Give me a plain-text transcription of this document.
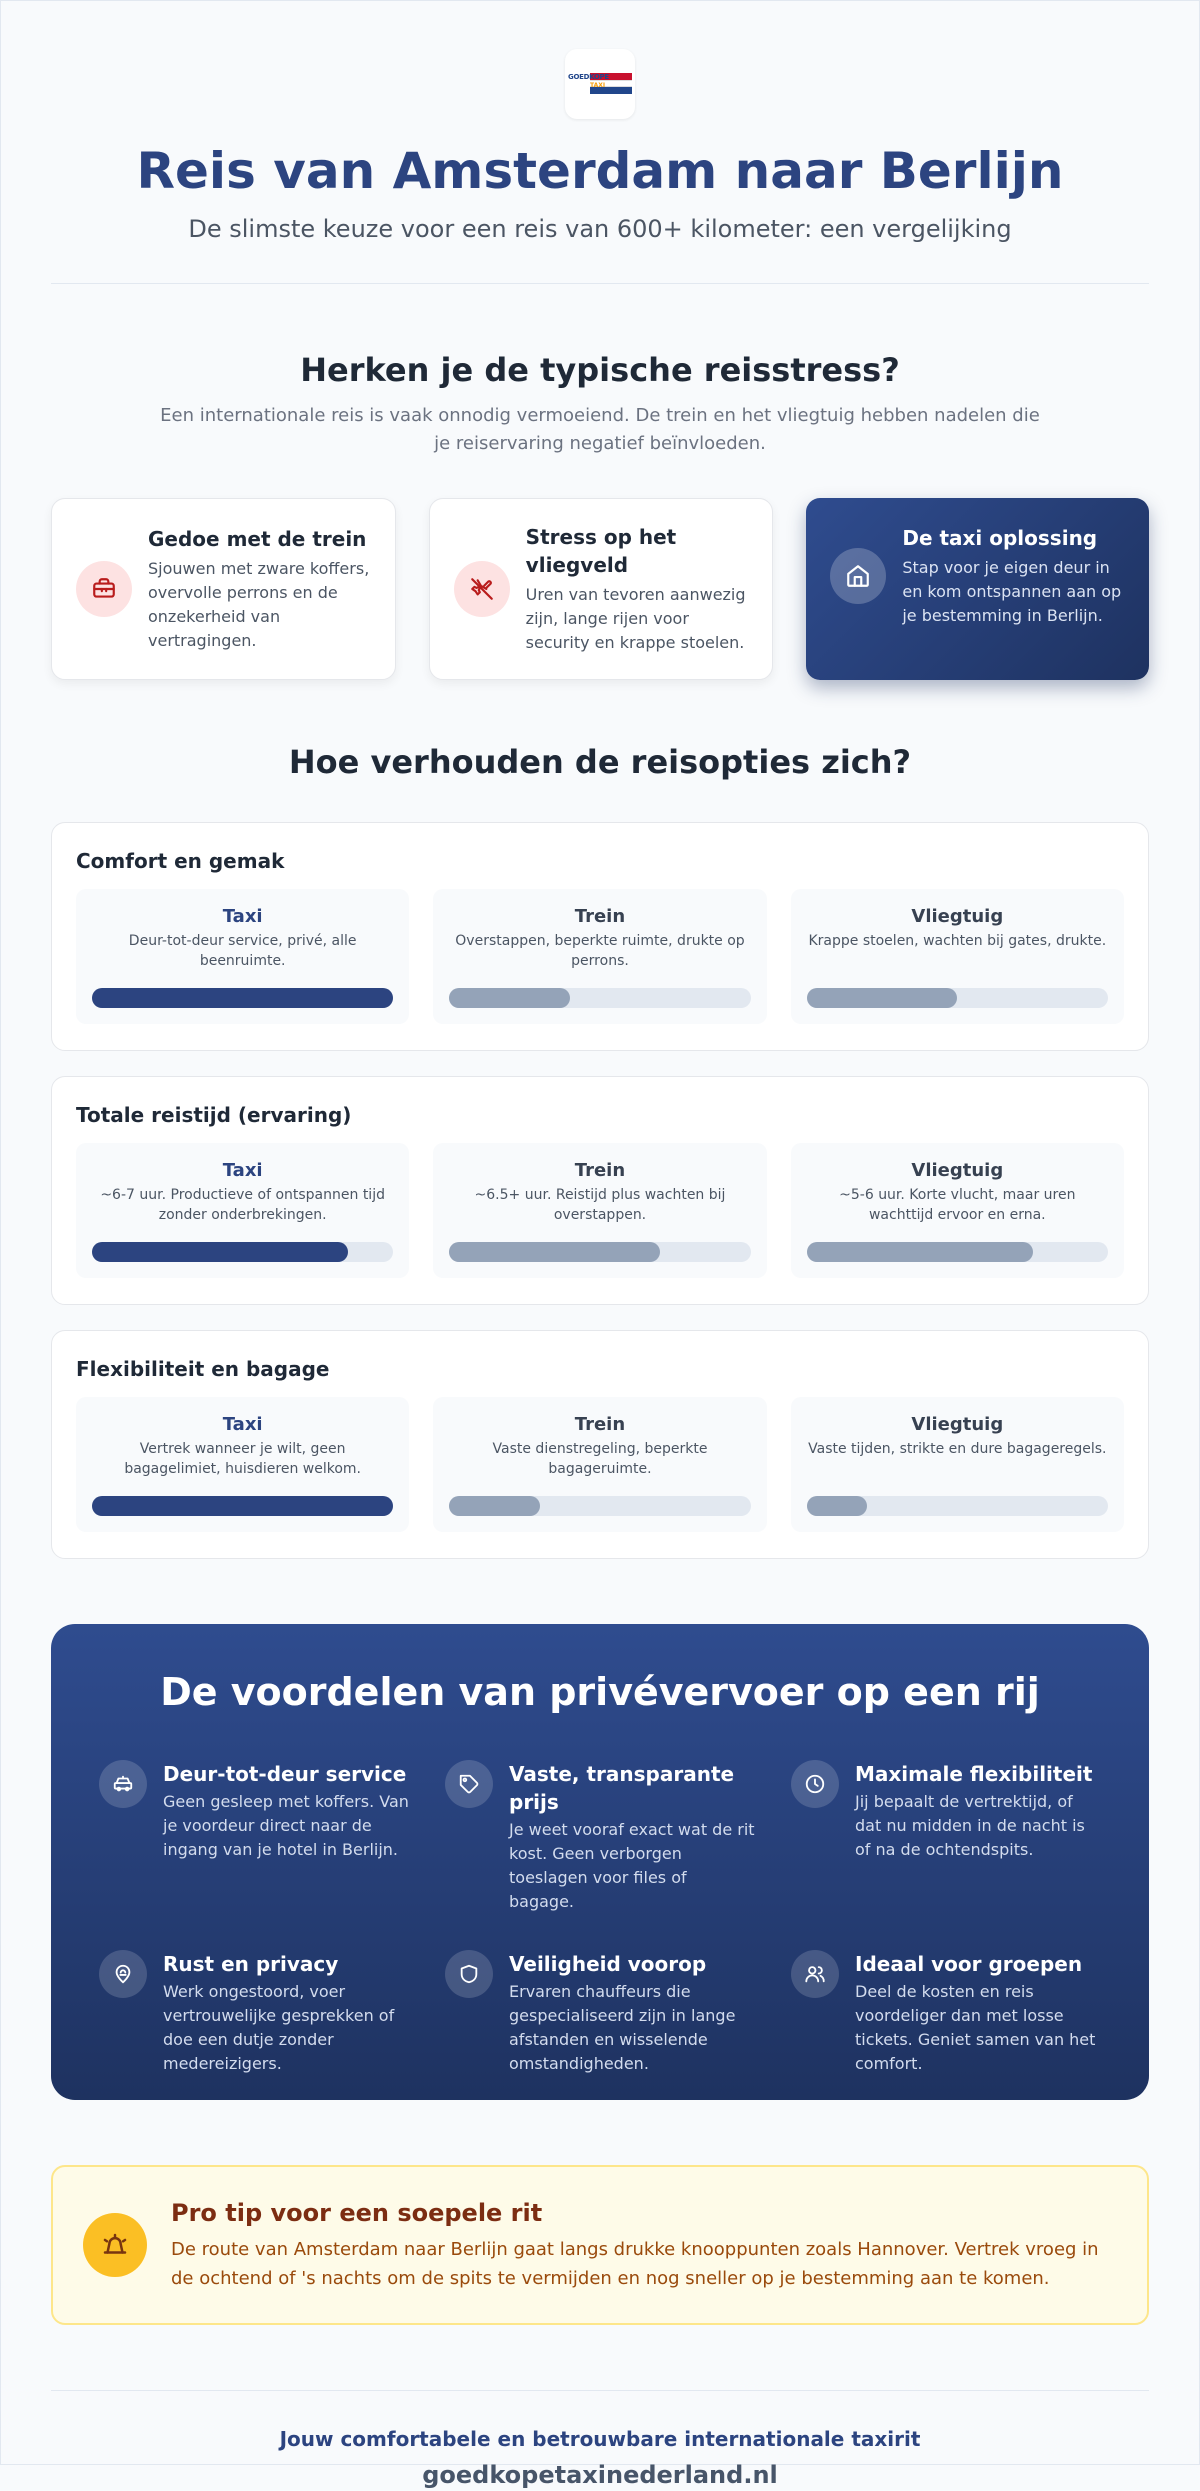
GOEDKOPE
TAXI
Reis van Amsterdam naar Berlijn

De slimste keuze voor een reis van 600+ kilometer: een vergelijking

Herken je de typische reisstress?

Een internationale reis is vaak onnodig vermoeiend. De trein en het vliegtuig hebben nadelen die je reiservaring negatief beïnvloeden.

Gedoe met de trein
Sjouwen met zware koffers, overvolle perrons en de onzekerheid van vertragingen.
Stress op het vliegveld
Uren van tevoren aanwezig zijn, lange rijen voor security en krappe stoelen.
De taxi oplossing
Stap voor je eigen deur in en kom ontspannen aan op je bestemming in Berlijn.
Hoe verhouden de reisopties zich?
Comfort en gemak
Taxi
Deur-tot-deur service, privé, alle beenruimte.
Trein
Overstappen, beperkte ruimte, drukte op perrons.
Vliegtuig
Krappe stoelen, wachten bij gates, drukte.
Totale reistijd (ervaring)
Taxi
~6-7 uur. Productieve of ontspannen tijd zonder onderbrekingen.
Trein
~6.5+ uur. Reistijd plus wachten bij overstappen.
Vliegtuig
~5-6 uur. Korte vlucht, maar uren wachttijd ervoor en erna.
Flexibiliteit en bagage
Taxi
Vertrek wanneer je wilt, geen bagagelimiet, huisdieren welkom.
Trein
Vaste dienstregeling, beperkte bagageruimte.
Vliegtuig
Vaste tijden, strikte en dure bagageregels.
De voordelen van privévervoer op een rij
Deur-tot-deur service
Geen gesleep met koffers. Van je voordeur direct naar de ingang van je hotel in Berlijn.
Vaste, transparante prijs
Je weet vooraf exact wat de rit kost. Geen verborgen toeslagen voor files of bagage.
Maximale flexibiliteit
Jij bepaalt de vertrektijd, of dat nu midden in de nacht is of na de ochtendspits.
Rust en privacy
Werk ongestoord, voer vertrouwelijke gesprekken of doe een dutje zonder medereizigers.
Veiligheid voorop
Ervaren chauffeurs die gespecialiseerd zijn in lange afstanden en wisselende omstandigheden.
Ideaal voor groepen
Deel de kosten en reis voordeliger dan met losse tickets. Geniet samen van het comfort.
Pro tip voor een soepele rit
De route van Amsterdam naar Berlijn gaat langs drukke knooppunten zoals Hannover. Vertrek vroeg in de ochtend of 's nachts om de spits te vermijden en nog sneller op je bestemming aan te komen.
Jouw comfortabele en betrouwbare internationale taxirit
goedkopetaxinederland.nl
